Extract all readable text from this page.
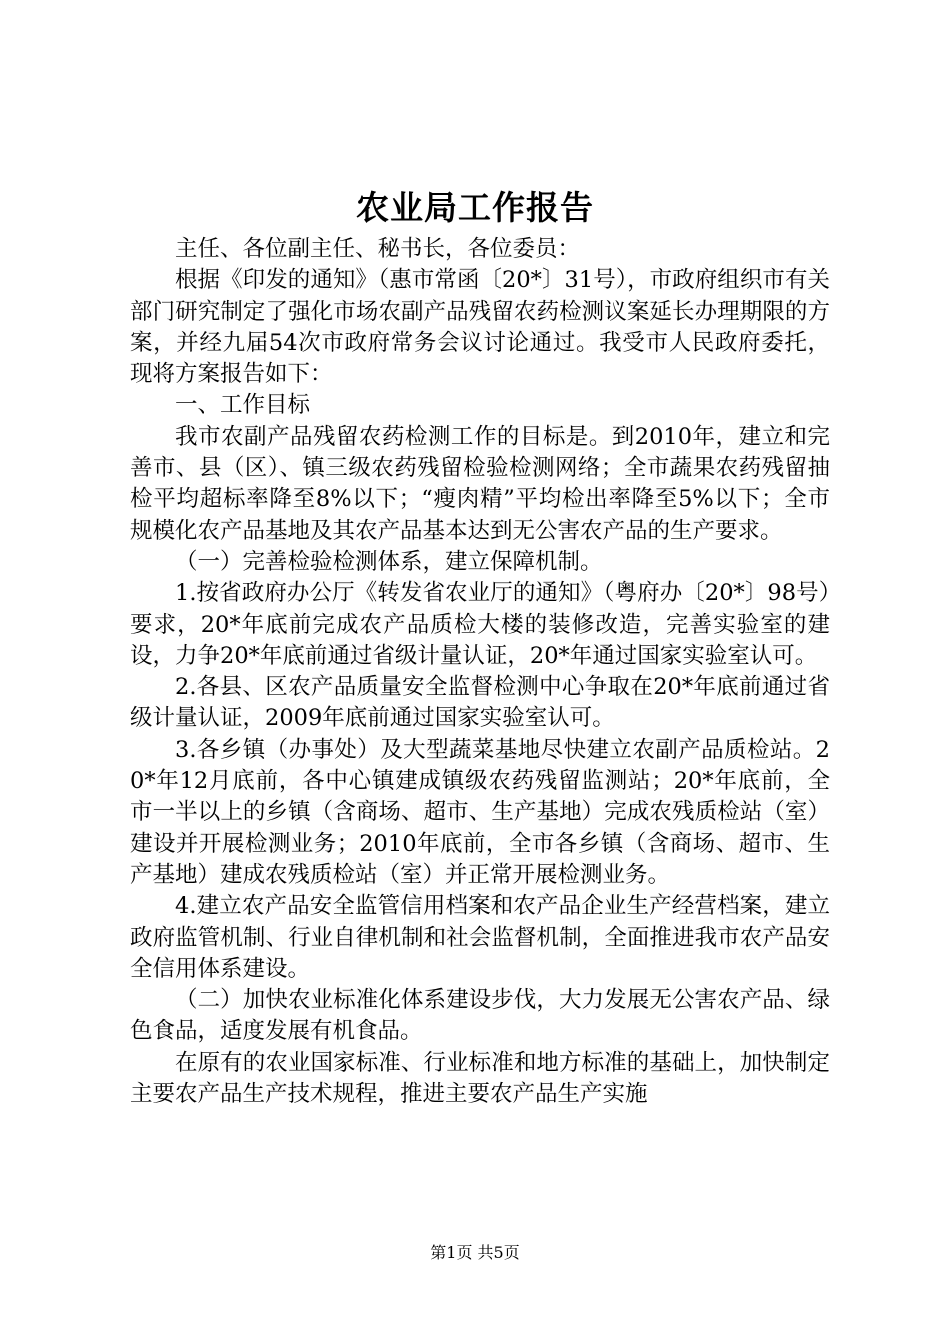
农业局工作报告

主任、各位副主任、秘书长，各位委员：

根据《印发的通知》（惠市常函〔20*〕31号），市政府组织市有关部门研究制定了强化市场农副产品残留农药检测议案延长办理期限的方案，并经九届54次市政府常务会议讨论通过。我受市人民政府委托，现将方案报告如下：

一、工作目标

我市农副产品残留农药检测工作的目标是。到2010年，建立和完善市、县（区）、镇三级农药残留检验检测网络；全市蔬果农药残留抽检平均超标率降至8%以下；“瘦肉精”平均检出率降至5%以下；全市规模化农产品基地及其农产品基本达到无公害农产品的生产要求。

（一）完善检验检测体系，建立保障机制。

1.按省政府办公厅《转发省农业厅的通知》（粤府办〔20*〕98号）要求，20*年底前完成农产品质检大楼的装修改造，完善实验室的建设，力争20*年底前通过省级计量认证，20*年通过国家实验室认可。

2.各县、区农产品质量安全监督检测中心争取在20*年底前通过省级计量认证，2009年底前通过国家实验室认可。

3.各乡镇（办事处）及大型蔬菜基地尽快建立农副产品质检站。20*年12月底前，各中心镇建成镇级农药残留监测站；20*年底前，全市一半以上的乡镇（含商场、超市、生产基地）完成农残质检站（室）建设并开展检测业务；2010年底前，全市各乡镇（含商场、超市、生产基地）建成农残质检站（室）并正常开展检测业务。

4.建立农产品安全监管信用档案和农产品企业生产经营档案，建立政府监管机制、行业自律机制和社会监督机制，全面推进我市农产品安全信用体系建设。

（二）加快农业标准化体系建设步伐，大力发展无公害农产品、绿色食品，适度发展有机食品。

在原有的农业国家标准、行业标准和地方标准的基础上，加快制定主要农产品生产技术规程，推进主要农产品生产实施

第1页 共5页
